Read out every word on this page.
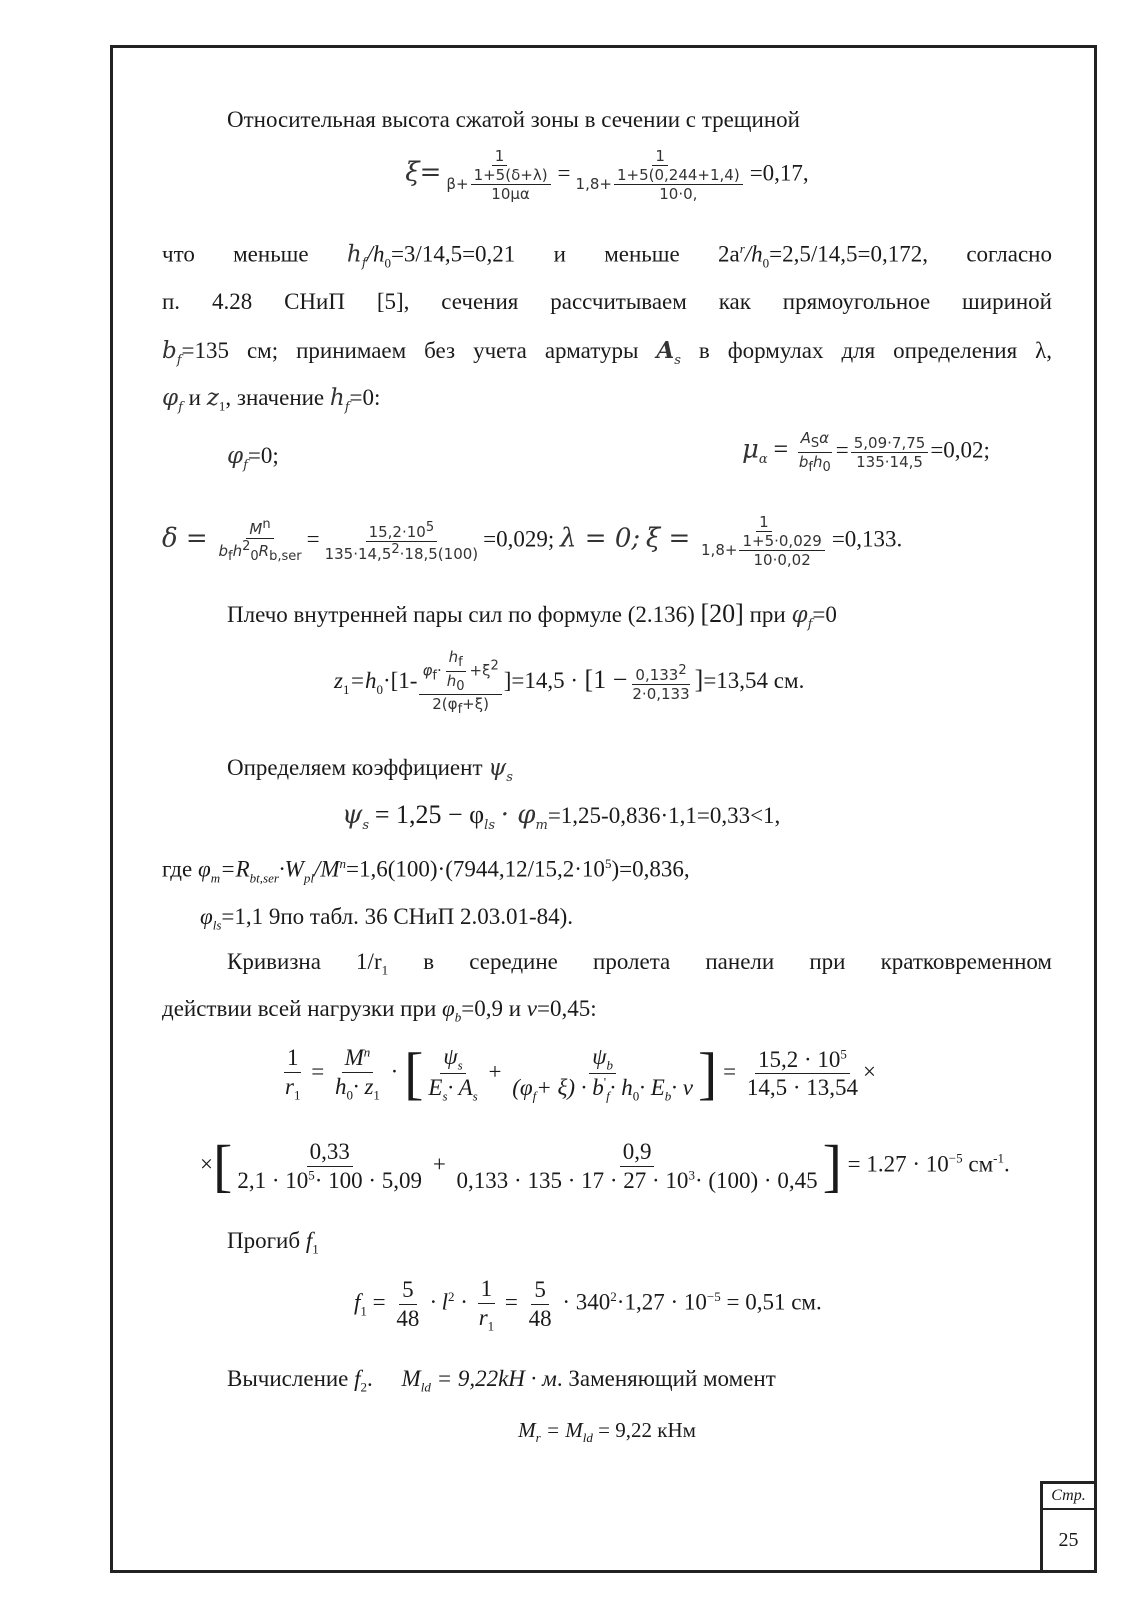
Стр.
25
Относительная высота сжатой зоны в сечении с трещиной
$\xi= \frac{1}{\beta+ \frac{1+5(\delta+\lambda)}{10\mu\alpha}} = \frac{1}{1,8+ \frac{1+5(0,244+1,4)}{10\cdot 0,}} =0,17$,
что меньше $h_f/h_0=3/14,5=0,21$ и меньше $2a^r/h_0=2,5/14,5=0,172$, согласно
п. 4.28 СНиП [5], сечения рассчитываем как прямоугольное шириной
$b_f=135$ см; принимаем без учета арматуры $A_s$ в формулах для определения λ,
$\varphi_f$ и $z_1$, значение $h_f=0$:
$\varphi_f=0$;	$\mu_\alpha = \frac{A_S\alpha}{b_fh_0} = \frac{5,09\cdot 7,75}{135\cdot 14,5} =0,02$;
$\delta = \frac{M^n}{b_fh^2_0R_{b,ser}} = \frac{15,2\cdot 10^5}{135\cdot 14,5^2\cdot 18,5(100)} =0,029$; λ = 0; $\xi = \frac{1}{1,8+ \frac{1+5\cdot 0,029}{10\cdot 0,02}} =0,133$.
Плечо внутренней пары сил по формуле (2.136) [20] при $\varphi_f=0$
$z_1=h_0\cdot[1- \frac{\varphi_f\cdot \frac{h_f}{h_0} +\xi^2}{2(\varphi_f+\xi)} ]=14,5 \cdot [1 - \frac{0,133^2}{2\cdot 0,133} ]=13,54$ см.
Определяем коэффициент $\psi_s$
$\psi_s = 1,25 - \varphi_{ls} \cdot \varphi_m=1,25-0,836\cdot 1,1=0,33<1$,
где $\varphi_m=R_{bt,ser}\cdot W_{pl}/M^n=1,6(100)\cdot(7944,12/15,2\cdot 10^5)=0,836$,
$\varphi_{ls}=1,1$ 9по табл. 36 СНиП 2.03.01-84).
Кривизна $1/r_1$ в середине пролета панели при кратковременном
действии всей нагрузки при $\varphi_b=0,9$ и ν=0,45:
$\frac{1}{r_1} = \frac{M^n}{h_0\cdot z_1}$ · [ $\frac{\psi_s}{E_s\cdot A_s} + \frac{\psi_b}{(\varphi_f+ \xi) \cdot b'_f\cdot h_0\cdot E_b\cdot \nu}$ ] = $\frac{15,2 \cdot 10^5}{14,5 \cdot 13,54}$ ×
×[ $\frac{0,33}{2,1 \cdot 10^5\cdot 100 \cdot 5,09} + \frac{0,9}{0,133 \cdot 135 \cdot 17 \cdot 27 \cdot 10^3\cdot (100) \cdot 0,45}$ ] = $1.27 \cdot 10^{-5}$ $см^{-1}$.
Прогиб $f_1$
$f_1 = \frac{5}{48} \cdot l^2 \cdot \frac{1}{r_1} = \frac{5}{48} \cdot 340^2\cdot 1,27 \cdot 10^{-5} = 0,51$ см.
Вычисление $f_2$. $M_{ld} = 9,22kH \cdot м$. Заменяющий момент
$M_r = M_{ld} = 9,22$ кНм
